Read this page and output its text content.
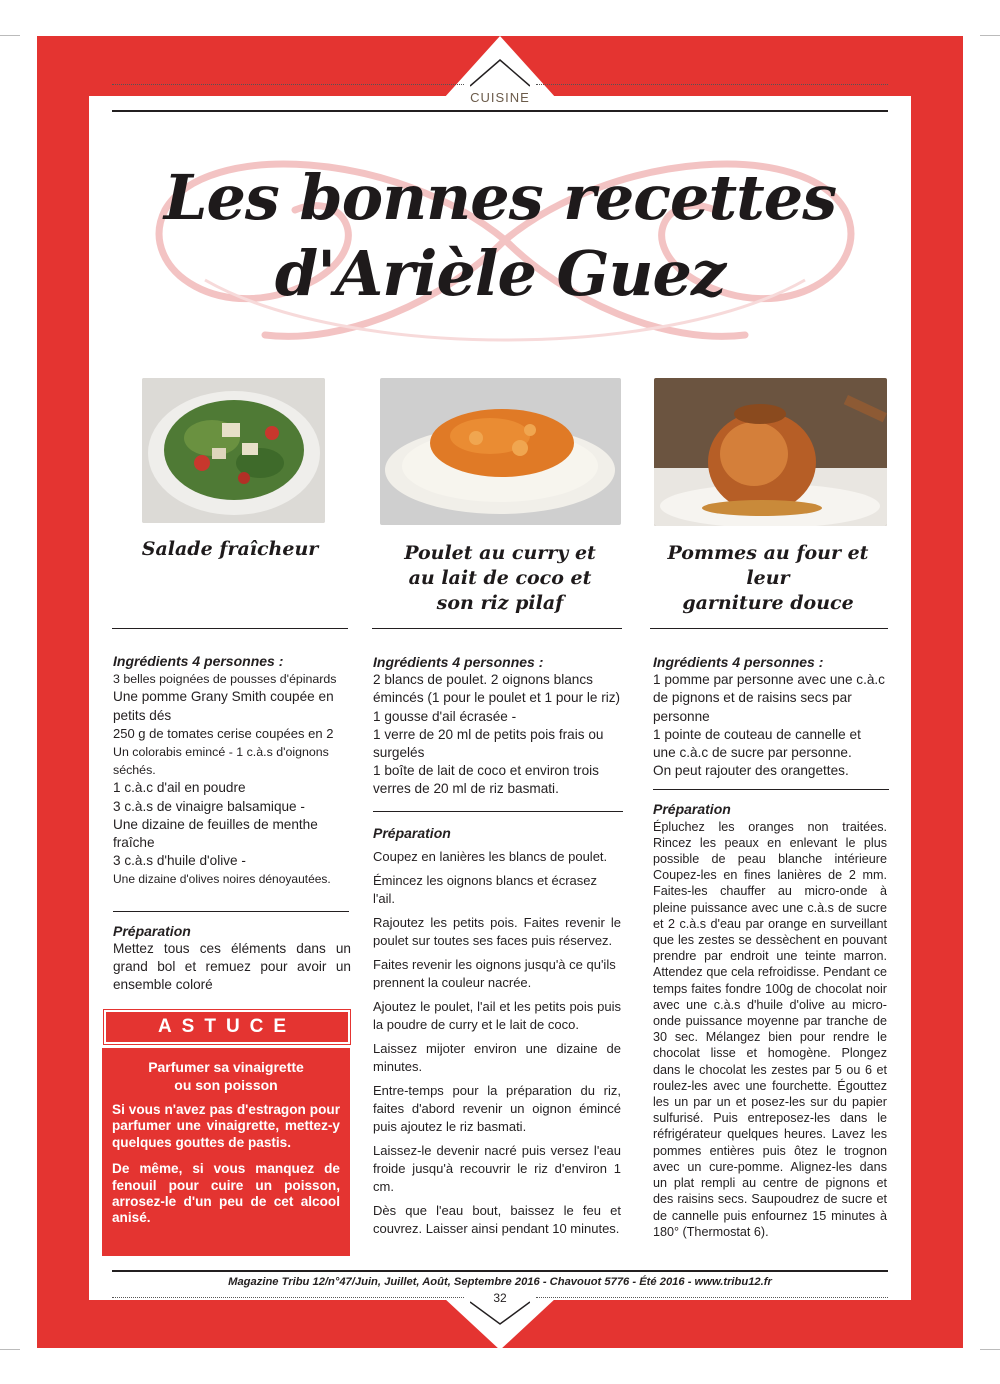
CUISINE
Les bonnes recettes
d'Arièle Guez
Salade fraîcheur	Poulet au curry et
au lait de coco et
son riz pilaf
Pommes au four et leur
garniture douce

Ingrédients 4 personnes :

3 belles poignées de pousses d'épinards

Une pomme Grany Smith coupée en petits dés

250 g de tomates cerise coupées en 2

Un colorabis emincé - 1 c.à.s d'oignons séchés.

1 c.à.c d'ail en poudre

3 c.à.s de vinaigre balsamique -

Une dizaine de feuilles de menthe fraîche

3 c.à.s d'huile d'olive -

Une dizaine d'olives noires dénoyautées.

Préparation

Mettez tous ces éléments dans un grand bol et remuez pour avoir un ensemble coloré

ASTUCE
Parfumer sa vinaigrette
ou son poisson

Si vous n'avez pas d'estragon pour parfumer une vinaigrette, mettez-y quelques gouttes de pastis.

De même, si vous manquez de fenouil pour cuire un poisson, arrosez-le d'un peu de cet alcool anisé.

Ingrédients 4 personnes :

2 blancs de poulet. 2 oignons blancs émincés (1 pour le poulet et 1 pour le riz)

1 gousse d'ail écrasée -

1 verre de 20 ml de petits pois frais ou surgelés

1 boîte de lait de coco et environ trois verres de 20 ml de riz basmati.

Préparation

Coupez en lanières les blancs de poulet.

Émincez les oignons blancs et écrasez l'ail.

Rajoutez les petits pois. Faites revenir le poulet sur toutes ses faces puis réservez.

Faites revenir les oignons jusqu'à ce qu'ils prennent la couleur nacrée.

Ajoutez le poulet, l'ail et les petits pois puis la poudre de curry et le lait de coco.

Laissez mijoter environ une dizaine de minutes.

Entre-temps pour la préparation du riz, faites d'abord revenir un oignon émincé puis ajoutez le riz basmati.

Laissez-le devenir nacré puis versez l'eau froide jusqu'à recouvrir le riz d'environ 1 cm.

Dès que l'eau bout, baissez le feu et couvrez. Laisser ainsi pendant 10 minutes.

Ingrédients 4 personnes :

1 pomme par personne avec une c.à.c de pignons et de raisins secs par personne

1 pointe de couteau de cannelle et une c.à.c de sucre par personne.

On peut rajouter des orangettes.

Préparation

Épluchez les oranges non traitées. Rincez les peaux en enlevant le plus possible de peau blanche intérieure Coupez-les en fines lanières de 2 mm. Faites-les chauffer au micro-onde à pleine puissance avec une c.à.s de sucre et 2 c.à.s d'eau par orange en surveillant que les zestes se dessèchent en pouvant prendre par endroit une teinte marron. Attendez que cela refroidisse. Pendant ce temps faites fondre 100g de chocolat noir avec une c.à.s d'huile d'olive au micro-onde puissance moyenne par tranche de 30 sec. Mélangez bien pour rendre le chocolat lisse et homogène. Plongez dans le chocolat les zestes par 5 ou 6 et roulez-les avec une fourchette. Égouttez les un par un et posez-les sur du papier sulfurisé. Puis entreposez-les dans le réfrigérateur quelques heures. Lavez les pommes entières puis ôtez le trognon avec un cure-pomme. Alignez-les dans un plat rempli au centre de pignons et des raisins secs. Saupoudrez de sucre et de cannelle puis enfournez 15 minutes à 180° (Thermostat 6).

Magazine Tribu 12/n°47/Juin, Juillet, Août, Septembre 2016 - Chavouot 5776 - Été 2016 - www.tribu12.fr
32
